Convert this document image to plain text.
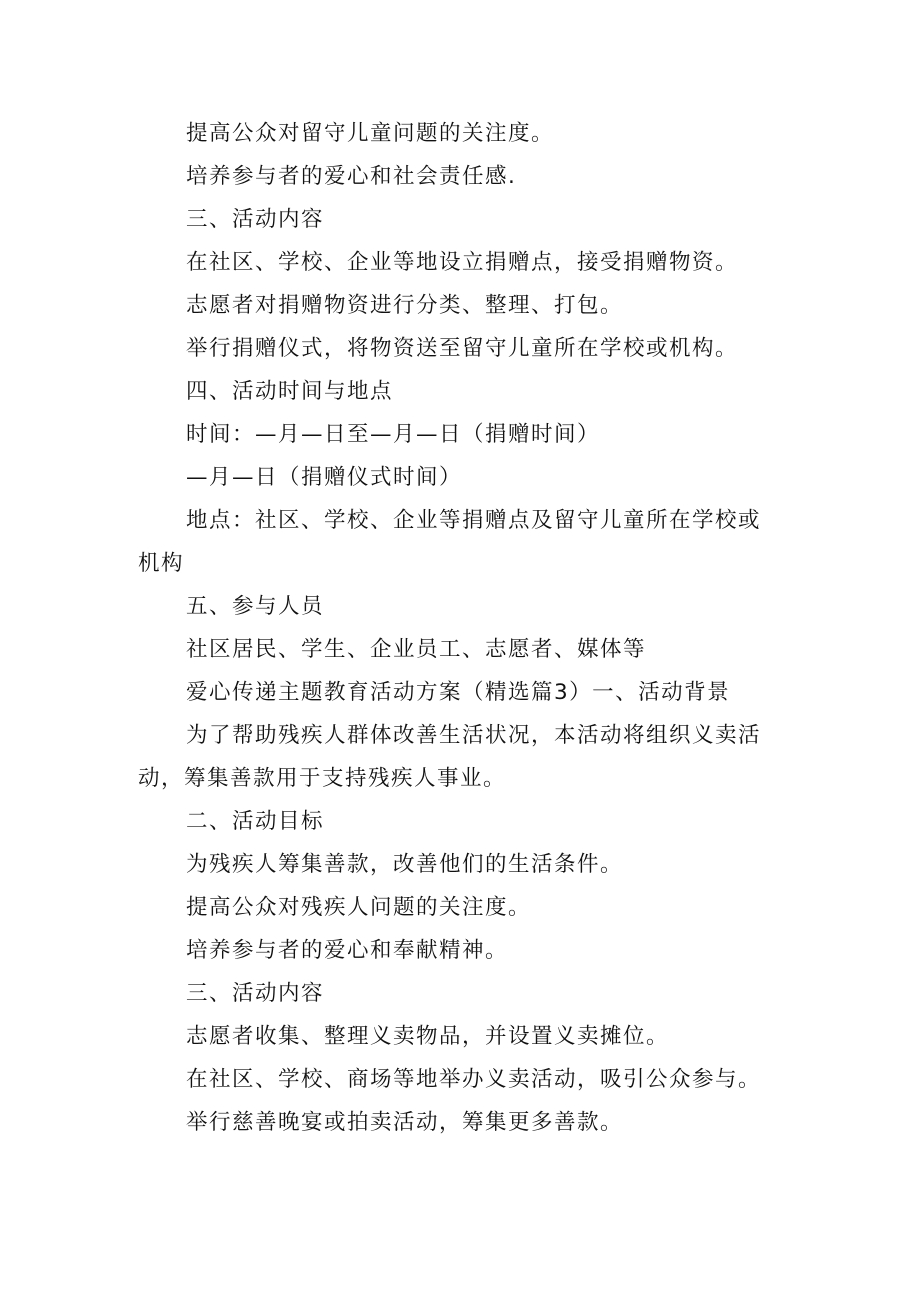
提高公众对留守儿童问题的关注度。
培养参与者的爱心和社会责任感.
三、活动内容
在社区、学校、企业等地设立捐赠点，接受捐赠物资。
志愿者对捐赠物资进行分类、整理、打包。
举行捐赠仪式，将物资送至留守儿童所在学校或机构。
四、活动时间与地点
时间：—月—日至—月—日（捐赠时间）
—月—日（捐赠仪式时间）
地点：社区、学校、企业等捐赠点及留守儿童所在学校或
机构
五、参与人员
社区居民、学生、企业员工、志愿者、媒体等
爱心传递主题教育活动方案（精选篇3）一、活动背景
为了帮助残疾人群体改善生活状况，本活动将组织义卖活
动，筹集善款用于支持残疾人事业。
二、活动目标
为残疾人筹集善款，改善他们的生活条件。
提高公众对残疾人问题的关注度。
培养参与者的爱心和奉献精神。
三、活动内容
志愿者收集、整理义卖物品，并设置义卖摊位。
在社区、学校、商场等地举办义卖活动，吸引公众参与。
举行慈善晚宴或拍卖活动，筹集更多善款。
